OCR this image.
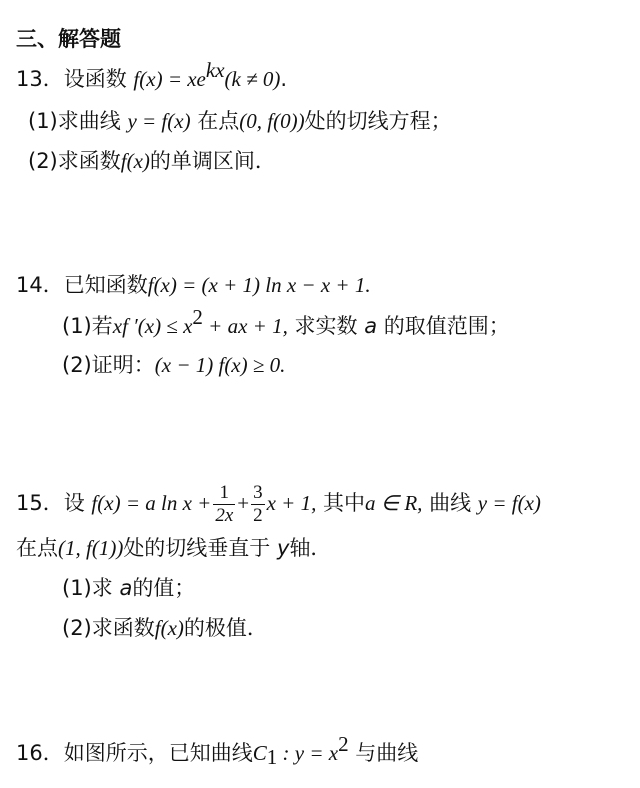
三、解答题
13．设函数 $f(x) = xe^{kx}(k \ne 0)$.
(1)求曲线 y = f(x) 在点(0, f(0))处的切线方程；
(2)求函数f(x)的单调区间．
14．已知函数f(x) = (x + 1) ln x − x + 1.
(1)若xf $'(x) \le x^2$ + ax + 1, 求实数 a 的取值范围；
(2)证明：(x − 1) f(x) ≥ 0.
15．设 f(x) = a $\ln x + \frac{1}{2x} + \frac{3}{2}$ x + 1, 其中a ∈ R, 曲线 y = f(x)
在点(1, f(1))处的切线垂直于 y轴．
(1)求 a的值；
(2)求函数f(x)的极值．
16．如图所示，已知曲线$C_1$ : $y = x^2$ 与曲线
